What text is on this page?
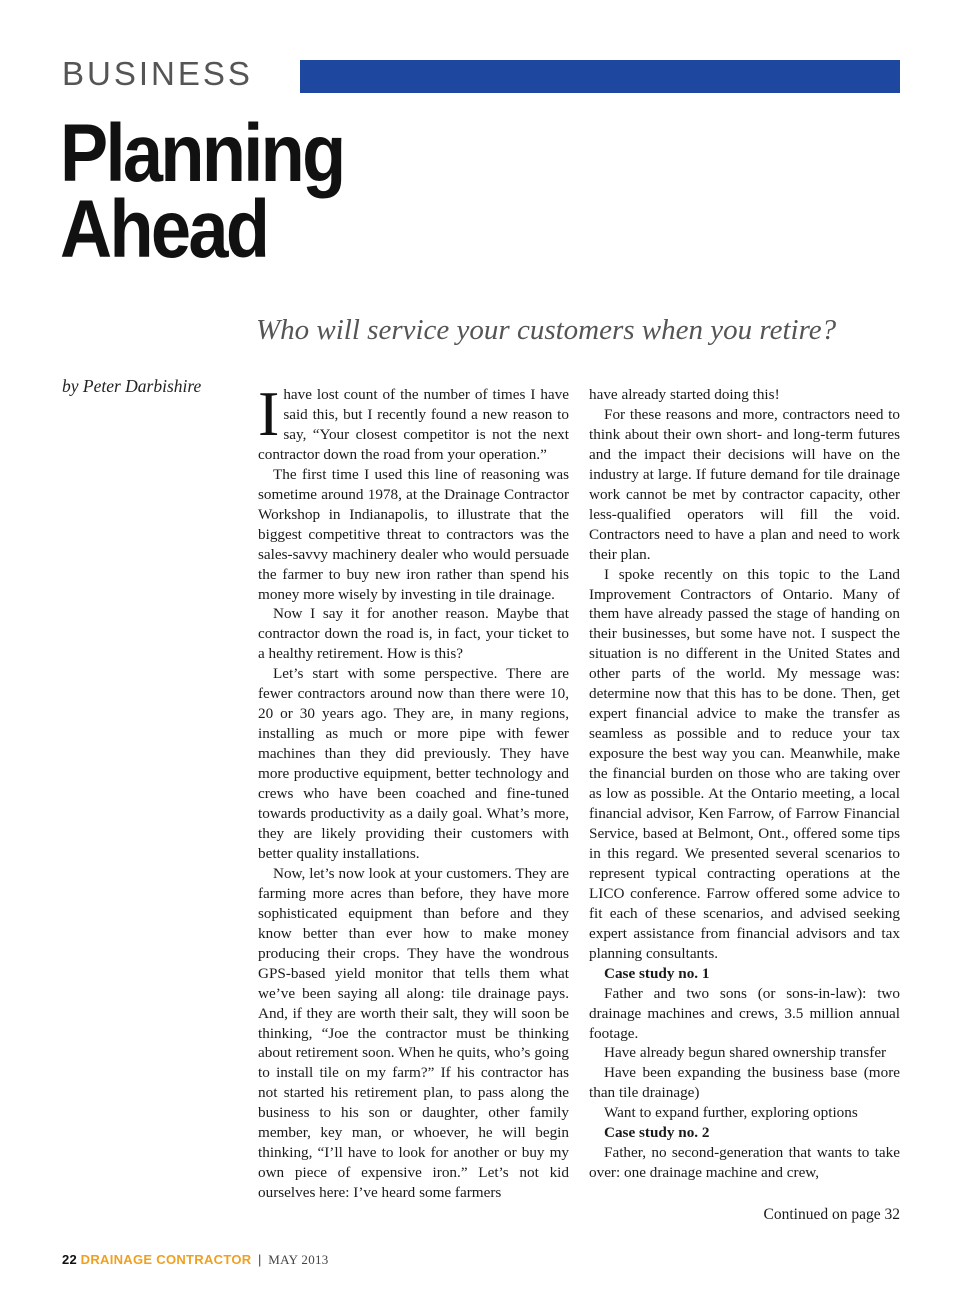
BUSINESS
Planning
Ahead

Who will service your customers when you retire?

by Peter Darbishire Ihave lost count of the number of times I have said this, but I recently found a new reason to say, “Your closest competitor is not the next contractor down the road from your operation.”

The first time I used this line of reasoning was sometime around 1978, at the Drainage Contractor Workshop in Indianapolis, to illustrate that the biggest competitive threat to contractors was the sales-savvy machinery dealer who would persuade the farmer to buy new iron rather than spend his money more wisely by investing in tile drainage.

Now I say it for another reason. Maybe that contractor down the road is, in fact, your ticket to a healthy retirement. How is this?

Let’s start with some perspective. There are fewer contractors around now than there were 10, 20 or 30 years ago. They are, in many regions, installing as much or more pipe with fewer machines than they did previously. They have more productive equipment, better technology and crews who have been coached and fine-tuned towards productivity as a daily goal. What’s more, they are likely providing their customers with better quality installations.

Now, let’s now look at your customers. They are farming more acres than before, they have more sophisticated equipment than before and they know better than ever how to make money producing their crops. They have the wondrous GPS-based yield monitor that tells them what we’ve been saying all along: tile drainage pays. And, if they are worth their salt, they will soon be thinking, “Joe the contractor must be thinking about retirement soon. When he quits, who’s going to install tile on my farm?” If his contractor has not started his retirement plan, to pass along the business to his son or daughter, other family member, key man, or whoever, he will begin thinking, “I’ll have to look for another or buy my own piece of expensive iron.” Let’s not kid ourselves here: I’ve heard some farmers

have already started doing this!

For these reasons and more, contractors need to think about their own short- and long-term futures and the impact their decisions will have on the industry at large. If future demand for tile drainage work cannot be met by contractor capacity, other less-qualified operators will fill the void. Contractors need to have a plan and need to work their plan.

I spoke recently on this topic to the Land Improvement Contractors of Ontario. Many of them have already passed the stage of handing on their businesses, but some have not. I suspect the situation is no different in the United States and other parts of the world. My message was: determine now that this has to be done. Then, get expert financial advice to make the transfer as seamless as possible and to reduce your tax exposure the best way you can. Meanwhile, make the financial burden on those who are taking over as low as possible. At the Ontario meeting, a local financial advisor, Ken Farrow, of Farrow Financial Service, based at Belmont, Ont., offered some tips in this regard. We presented several scenarios to represent typical contracting operations at the LICO conference. Farrow offered some advice to fit each of these scenarios, and advised seeking expert assistance from financial advisors and tax planning consultants.

Case study no. 1

Father and two sons (or sons-in-law): two drainage machines and crews, 3.5 million annual footage.

Have already begun shared ownership transfer

Have been expanding the business base (more than tile drainage)

Want to expand further, exploring options

Case study no. 2

Father, no second-generation that wants to take over: one drainage machine and crew,

Continued on page 32
22 DRAINAGE CONTRACTOR | MAY 2013
